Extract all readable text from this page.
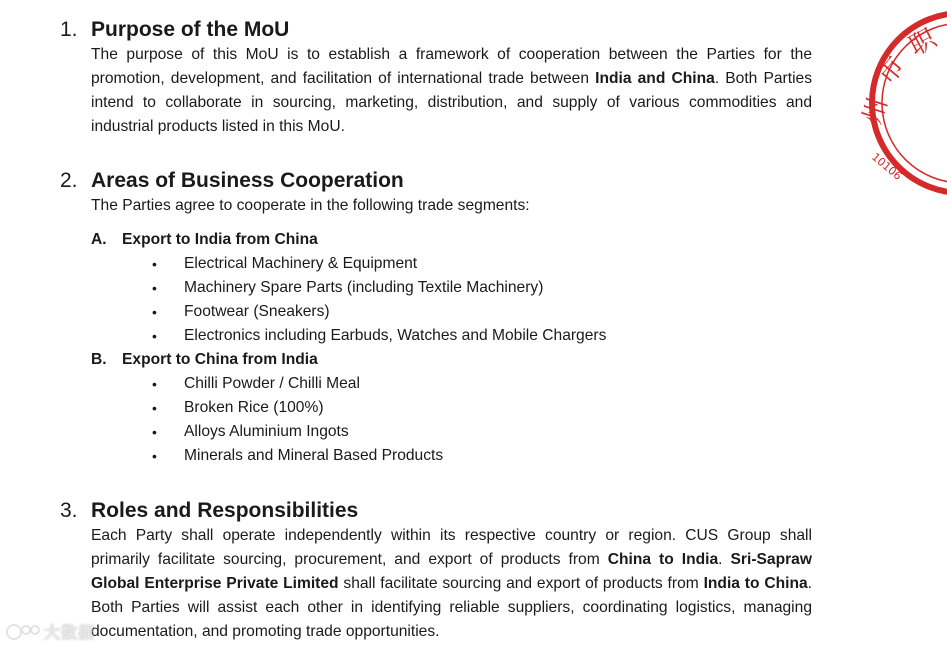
1. Purpose of the MoU
The purpose of this MoU is to establish a framework of cooperation between the Parties for the promotion, development, and facilitation of international trade between India and China. Both Parties intend to collaborate in sourcing, marketing, distribution, and supply of various commodities and industrial products listed in this MoU.
2. Areas of Business Cooperation
The Parties agree to cooperate in the following trade segments:
A. Export to India from China
•	Electrical Machinery & Equipment
•	Machinery Spare Parts (including Textile Machinery)
•	Footwear (Sneakers)
•	Electronics including Earbuds, Watches and Mobile Chargers
B. Export to China from India
•	Chilli Powder / Chilli Meal
•	Broken Rice (100%)
•	Alloys Aluminium Ingots
•	Minerals and Mineral Based Products
3. Roles and Responsibilities
Each Party shall operate independently within its respective country or region. CUS Group shall primarily facilitate sourcing, procurement, and export of products from China to India. Sri-Sapraw Global Enterprise Private Limited shall facilitate sourcing and export of products from India to China. Both Parties will assist each other in identifying reliable suppliers, coordinating logistics, managing documentation, and promoting trade opportunities.
州
市
职
10106
大数据
